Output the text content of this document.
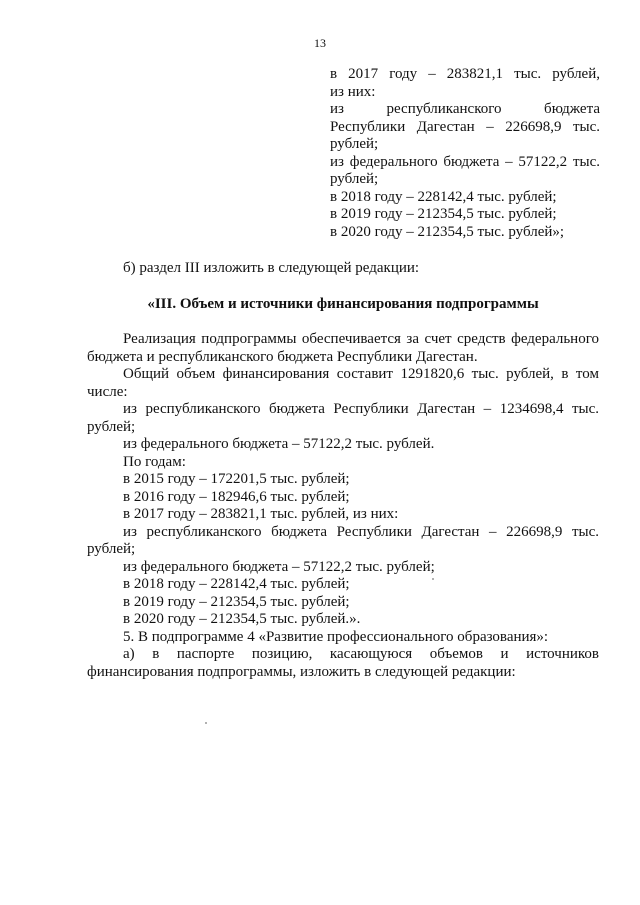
13

в 2017 году – 283821,1 тыс. рублей,

из них:

из республиканского бюджета

Республики Дагестан – 226698,9 тыс.

рублей;

из федерального бюджета – 57122,2 тыс.

рублей;

в 2018 году – 228142,4 тыс. рублей;

в 2019 году – 212354,5 тыс. рублей;

в 2020 году – 212354,5 тыс. рублей»;

б) раздел III изложить в следующей редакции:

«III. Объем и источники финансирования подпрограммы

Реализация подпрограммы обеспечивается за счет средств федерального бюджета и республиканского бюджета Республики Дагестан.

Общий объем финансирования составит 1291820,6 тыс. рублей, в том числе:

из республиканского бюджета Республики Дагестан – 1234698,4 тыс. рублей;

из федерального бюджета – 57122,2 тыс. рублей.

По годам:

в 2015 году – 172201,5 тыс. рублей;

в 2016 году – 182946,6 тыс. рублей;

в 2017 году – 283821,1 тыс. рублей, из них:

из республиканского бюджета Республики Дагестан – 226698,9 тыс. рублей;

из федерального бюджета – 57122,2 тыс. рублей;

в 2018 году – 228142,4 тыс. рублей;

в 2019 году – 212354,5 тыс. рублей;

в 2020 году – 212354,5 тыс. рублей.».

5. В подпрограмме 4 «Развитие профессионального образования»:

а) в паспорте позицию, касающуюся объемов и источников финансирования подпрограммы, изложить в следующей редакции:
